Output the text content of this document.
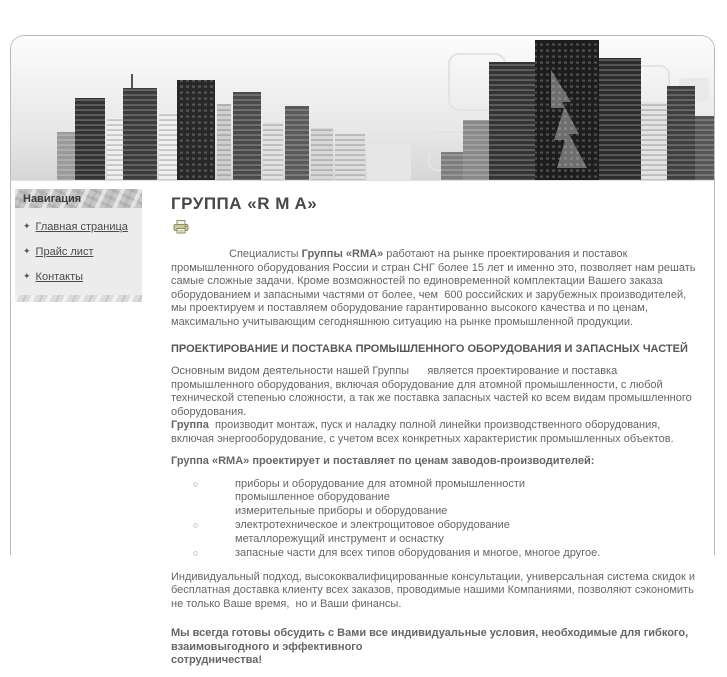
Навигация
✦ Главная страница
✦ Прайс лист
✦ Контакты
ГРУППА «R M A»

Специалисты Группы «RMA» работают на рынке проектирования и поставок промышленного оборудования России и стран СНГ более 15 лет и именно это, позволяет нам решать самые сложные задачи. Кроме возможностей по единовременной комплектации Вашего заказа оборудованием и запасными частями от более, чем  600 российских и зарубежных производителей, мы проектируем и поставляем оборудование гарантированно высокого качества и по ценам, максимально учитывающим сегодняшнюю ситуацию на рынке промышленной продукции.

ПРОЕКТИРОВАНИЕ И ПОСТАВКА ПРОМЫШЛЕННОГО ОБОРУДОВАНИЯ И ЗАПАСНЫХ ЧАСТЕЙ

Основным видом деятельности нашей Группы      является проектирование и поставка промышленного оборудования, включая оборудование для атомной промышленности, с любой технической степенью сложности, а так же поставка запасных частей ко всем видам промышленного оборудования.
Группа  производит монтаж, пуск и наладку полной линейки производственного оборудования, включая энергооборудование, с учетом всех конкретных характеристик промышленных объектов.

Группа «RMA» проектирует и поставляет по ценам заводов-производителей:

○	приборы и оборудование для атомной промышленности
промышленное оборудование
измерительные приборы и оборудование
○	электротехническое и электрощитовое оборудование
металлорежущий инструмент и оснастку
○	запасные части для всех типов оборудования и многое, многое другое.

Индивидуальный подход, высококвалифицированные консультации, универсальная система скидок и бесплатная доставка клиенту всех заказов, проводимые нашими Компаниями, позволяют сэкономить не только Ваше время,  но и Ваши финансы.

Мы всегда готовы обсудить с Вами все индивидуальные условия, необходимые для гибкого, взаимовыгодного и эффективного
сотрудничества!
